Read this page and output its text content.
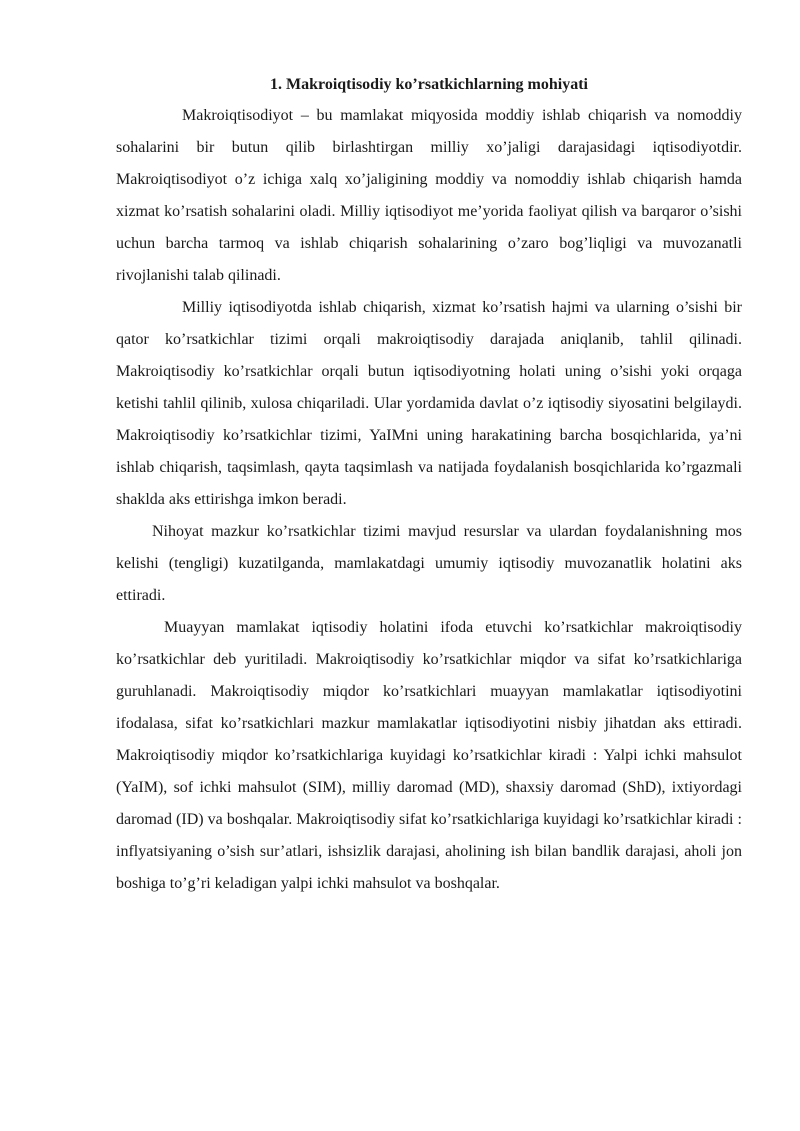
1. Makroiqtisodiy ko’rsatkichlarning mohiyati

Makroiqtisodiyot – bu mamlakat miqyosida moddiy ishlab chiqarish va nomoddiy sohalarini bir butun qilib birlashtirgan milliy xo’jaligi darajasidagi iqtisodiyotdir. Makroiqtisodiyot o’z ichiga xalq xo’jaligining moddiy va nomoddiy ishlab chiqarish hamda xizmat ko’rsatish sohalarini oladi. Milliy iqtisodiyot me’yorida faoliyat qilish va barqaror o’sishi uchun barcha tarmoq va ishlab chiqarish sohalarining o’zaro bog’liqligi va muvozanatli rivojlanishi talab qilinadi.

Milliy iqtisodiyotda ishlab chiqarish, xizmat ko’rsatish hajmi va ularning o’sishi bir qator ko’rsatkichlar tizimi orqali makroiqtisodiy darajada aniqlanib, tahlil qilinadi. Makroiqtisodiy ko’rsatkichlar orqali butun iqtisodiyotning holati uning o’sishi yoki orqaga ketishi tahlil qilinib, xulosa chiqariladi. Ular yordamida davlat o’z iqtisodiy siyosatini belgilaydi. Makroiqtisodiy ko’rsatkichlar tizimi, YaIMni uning harakatining barcha bosqichlarida, ya’ni ishlab chiqarish, taqsimlash, qayta taqsimlash va natijada foydalanish bosqichlarida ko’rgazmali shaklda aks ettirishga imkon beradi.

Nihoyat mazkur ko’rsatkichlar tizimi mavjud resurslar va ulardan foydalanishning mos kelishi (tengligi) kuzatilganda, mamlakatdagi umumiy iqtisodiy muvozanatlik holatini aks ettiradi.

Muayyan mamlakat iqtisodiy holatini ifoda etuvchi ko’rsatkichlar makroiqtisodiy ko’rsatkichlar deb yuritiladi. Makroiqtisodiy ko’rsatkichlar miqdor va sifat ko’rsatkichlariga guruhlanadi. Makroiqtisodiy miqdor ko’rsatkichlari muayyan mamlakatlar iqtisodiyotini ifodalasa, sifat ko’rsatkichlari mazkur mamlakatlar iqtisodiyotini nisbiy jihatdan aks ettiradi. Makroiqtisodiy miqdor ko’rsatkichlariga kuyidagi ko’rsatkichlar kiradi : Yalpi ichki mahsulot (YaIM), sof ichki mahsulot (SIM), milliy daromad (MD), shaxsiy daromad (ShD), ixtiyordagi daromad (ID) va boshqalar. Makroiqtisodiy sifat ko’rsatkichlariga kuyidagi ko’rsatkichlar kiradi : inflyatsiyaning o’sish sur’atlari, ishsizlik darajasi, aholining ish bilan bandlik darajasi, aholi jon boshiga to’g’ri keladigan yalpi ichki mahsulot va boshqalar.
